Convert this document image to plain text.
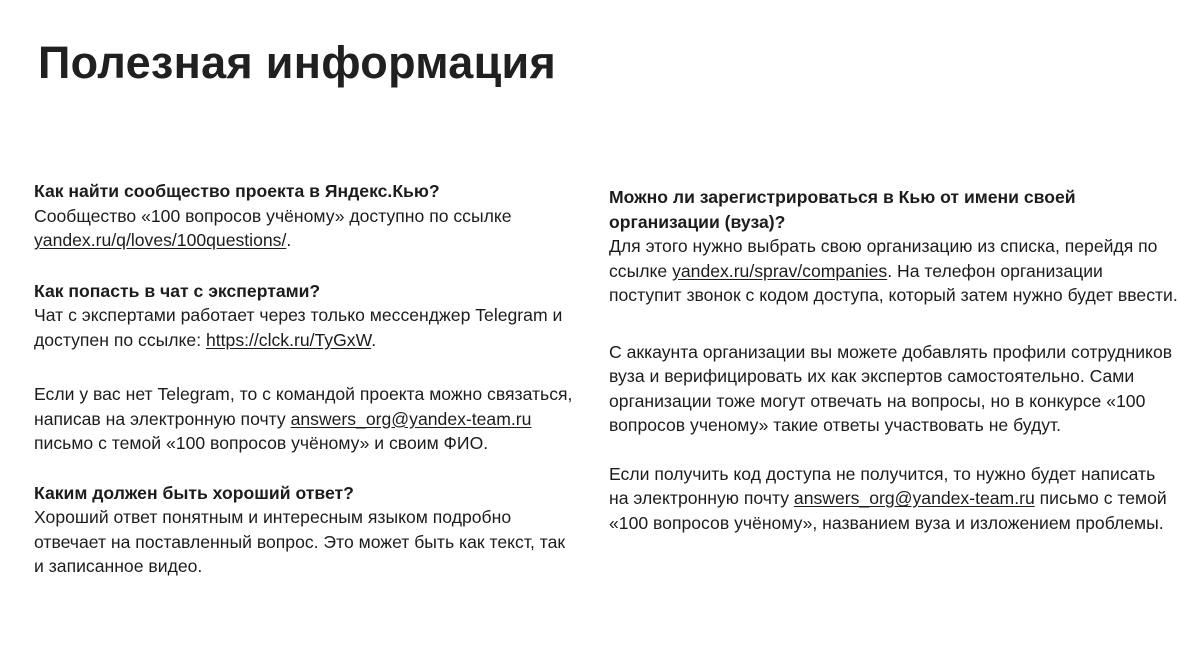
Полезная информация

Как найти сообщество проекта в Яндекс.Кью?

Сообщество «100 вопросов учёному» доступно по ссылке yandex.ru/q/loves/100questions/.

Как попасть в чат с экспертами?

Чат с экспертами работает через только мессенджер Telegram и доступен по ссылке: https://clck.ru/TyGxW.

Если у вас нет Telegram, то с командой проекта можно связаться, написав на электронную почту answers_org@yandex-team.ru письмо с темой «100 вопросов учёному» и своим ФИО.

Каким должен быть хороший ответ?

Хороший ответ понятным и интересным языком подробно отвечает на поставленный вопрос. Это может быть как текст, так и записанное видео.

Можно ли зарегистрироваться в Кью от имени своей организации (вуза)?

Для этого нужно выбрать свою организацию из списка, перейдя по ссылке yandex.ru/sprav/companies. На телефон организации поступит звонок с кодом доступа, который затем нужно будет ввести.

С аккаунта организации вы можете добавлять профили сотрудников вуза и верифицировать их как экспертов самостоятельно. Сами организации тоже могут отвечать на вопросы, но в конкурсе «100 вопросов ученому» такие ответы участвовать не будут.

Если получить код доступа не получится, то нужно будет написать на электронную почту answers_org@yandex-team.ru письмо с темой «100 вопросов учёному», названием вуза и изложением проблемы.
